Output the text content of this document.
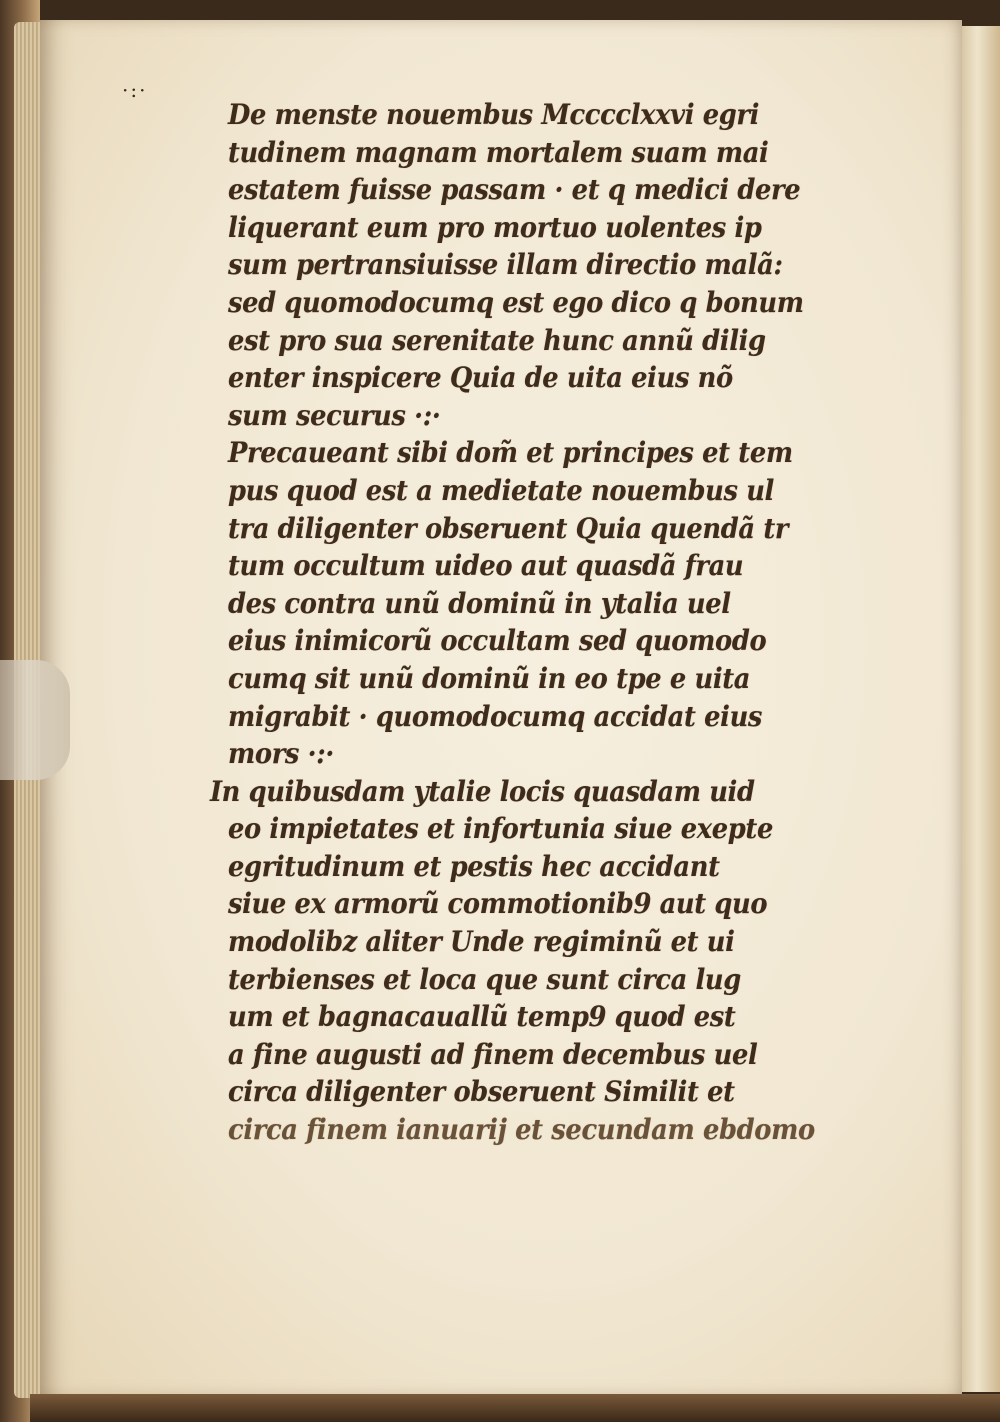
·:·
De menste nouembus Mcccclxxvi egri
tudinem magnam mortalem suam mai
estatem fuisse passam · et q medici dere
liquerant eum pro mortuo uolentes ip
sum pertransiuisse illam directio malã:
sed quomodocumq est ego dico q bonum
est pro sua serenitate hunc annũ dilig
enter inspicere Quia de uita eius nõ
sum securus ·:·
Precaueant sibi dom̃ et principes et tem
pus quod est a medietate nouembus ul
tra diligenter obseruent Quia quendã tr
tum occultum uideo aut quasdã frau
des contra unũ dominũ in ytalia uel
eius inimicorũ occultam sed quomodo
cumq sit unũ dominũ in eo tpe e uita
migrabit · quomodocumq accidat eius
mors ·:·
In quibusdam ytalie locis quasdam uid
eo impietates et infortunia siue exepte
egritudinum et pestis hec accidant
siue ex armorũ commotionib9 aut quo
modolibz aliter Unde regiminũ et ui
terbienses et loca que sunt circa lug
um et bagnacauallũ temp9 quod est
a fine augusti ad finem decembus uel
circa diligenter obseruent Similit et
circa finem ianuarij et secundam ebdomo
